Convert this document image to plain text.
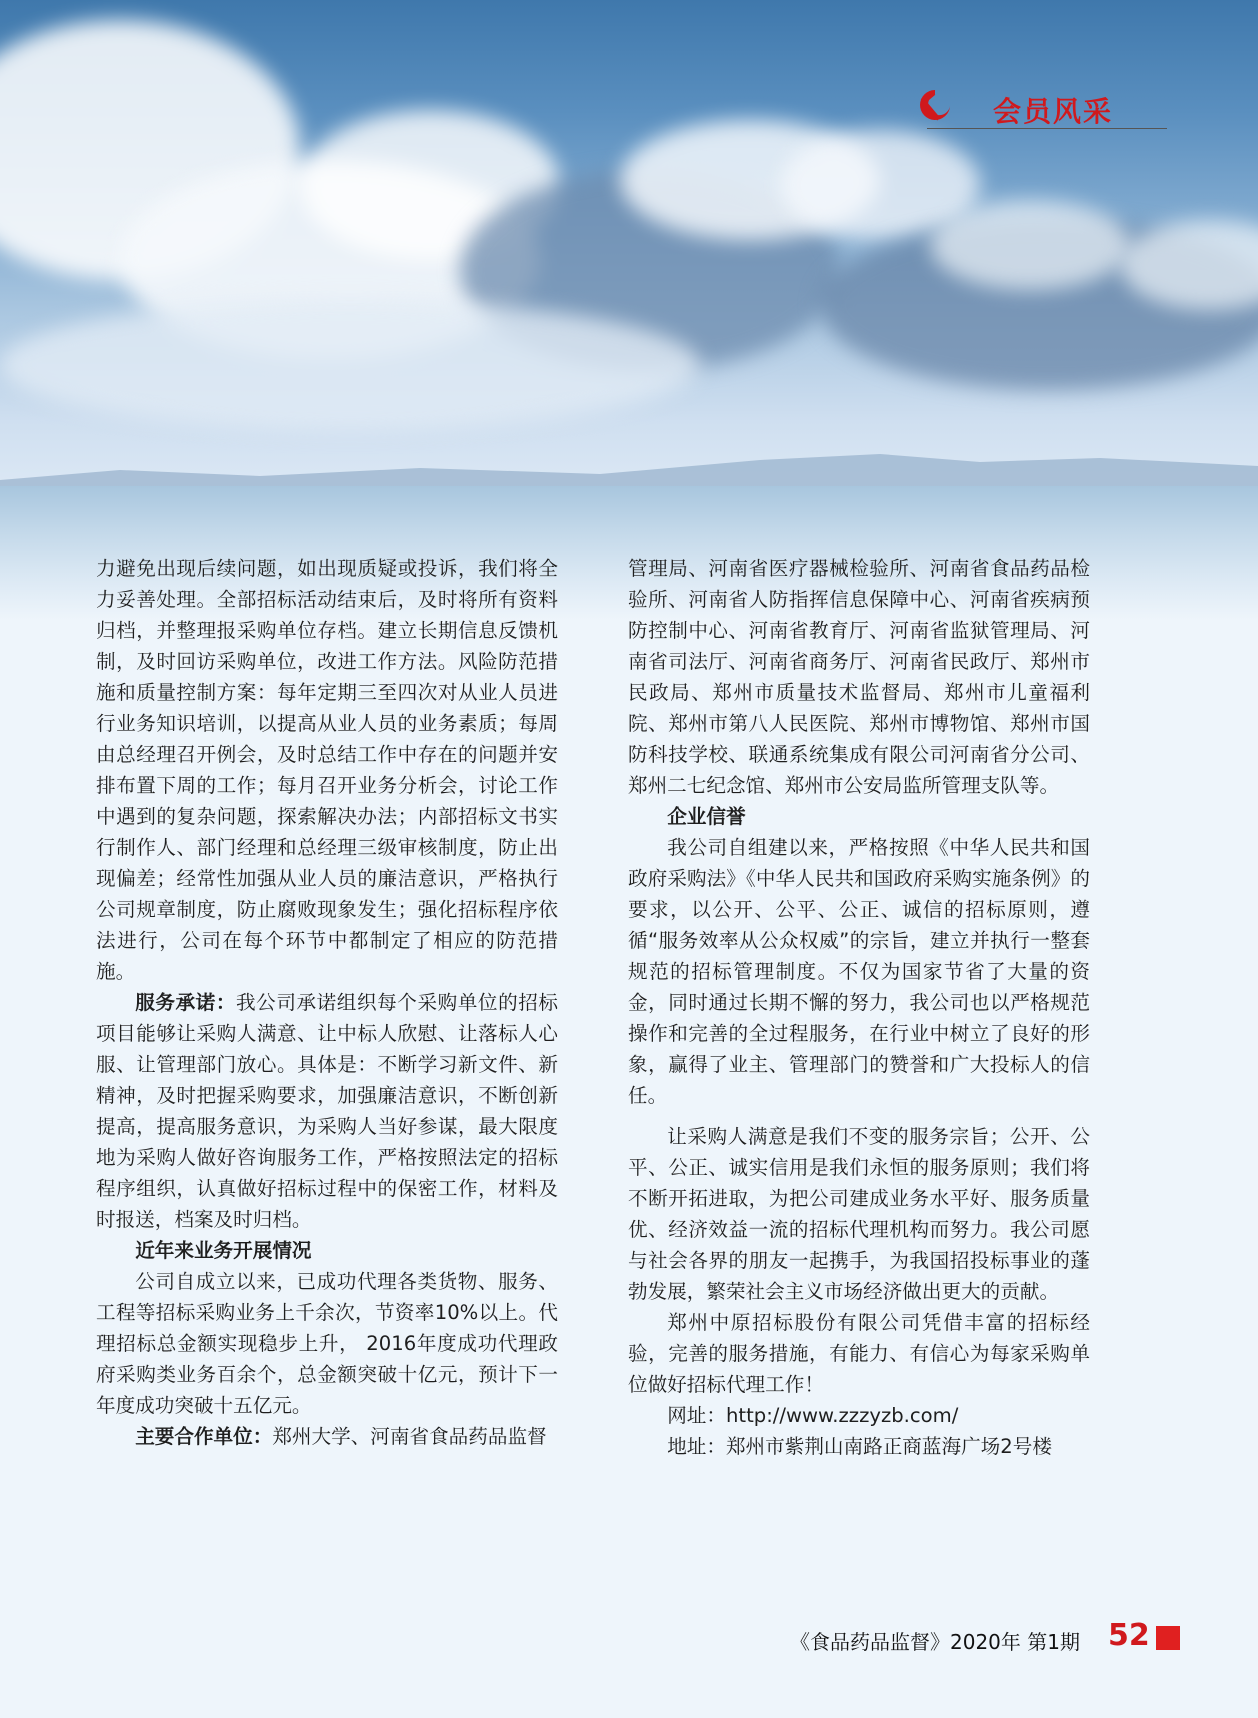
会员风采

力避免出现后续问题，如出现质疑或投诉，我们将全力妥善处理。全部招标活动结束后，及时将所有资料归档，并整理报采购单位存档。建立长期信息反馈机制，及时回访采购单位，改进工作方法。风险防范措施和质量控制方案：每年定期三至四次对从业人员进行业务知识培训，以提高从业人员的业务素质；每周由总经理召开例会，及时总结工作中存在的问题并安排布置下周的工作；每月召开业务分析会，讨论工作中遇到的复杂问题，探索解决办法；内部招标文书实行制作人、部门经理和总经理三级审核制度，防止出现偏差；经常性加强从业人员的廉洁意识，严格执行公司规章制度，防止腐败现象发生；强化招标程序依法进行，公司在每个环节中都制定了相应的防范措施。

服务承诺：我公司承诺组织每个采购单位的招标项目能够让采购人满意、让中标人欣慰、让落标人心服、让管理部门放心。具体是：不断学习新文件、新精神，及时把握采购要求，加强廉洁意识，不断创新提高，提高服务意识，为采购人当好参谋，最大限度地为采购人做好咨询服务工作，严格按照法定的招标程序组织，认真做好招标过程中的保密工作，材料及时报送，档案及时归档。

近年来业务开展情况

公司自成立以来，已成功代理各类货物、服务、工程等招标采购业务上千余次，节资率10%以上。代理招标总金额实现稳步上升， 2016年度成功代理政府采购类业务百余个，总金额突破十亿元，预计下一年度成功突破十五亿元。

主要合作单位：郑州大学、河南省食品药品监督

管理局、河南省医疗器械检验所、河南省食品药品检验所、河南省人防指挥信息保障中心、河南省疾病预防控制中心、河南省教育厅、河南省监狱管理局、河南省司法厅、河南省商务厅、河南省民政厅、郑州市民政局、郑州市质量技术监督局、郑州市儿童福利院、郑州市第八人民医院、郑州市博物馆、郑州市国防科技学校、联通系统集成有限公司河南省分公司、郑州二七纪念馆、郑州市公安局监所管理支队等。

企业信誉

我公司自组建以来，严格按照《中华人民共和国政府采购法》《中华人民共和国政府采购实施条例》的要求，以公开、公平、公正、诚信的招标原则，遵循“服务效率从公众权威”的宗旨，建立并执行一整套规范的招标管理制度。不仅为国家节省了大量的资金，同时通过长期不懈的努力，我公司也以严格规范操作和完善的全过程服务，在行业中树立了良好的形象，赢得了业主、管理部门的赞誉和广大投标人的信任。

让采购人满意是我们不变的服务宗旨；公开、公平、公正、诚实信用是我们永恒的服务原则；我们将不断开拓进取，为把公司建成业务水平好、服务质量优、经济效益一流的招标代理机构而努力。我公司愿与社会各界的朋友一起携手，为我国招投标事业的蓬勃发展，繁荣社会主义市场经济做出更大的贡献。

郑州中原招标股份有限公司凭借丰富的招标经验，完善的服务措施，有能力、有信心为每家采购单位做好招标代理工作！

网址：http://www.zzzyzb.com/

地址：郑州市紫荆山南路正商蓝海广场2号楼

《食品药品监督》2020年 第1期 52
